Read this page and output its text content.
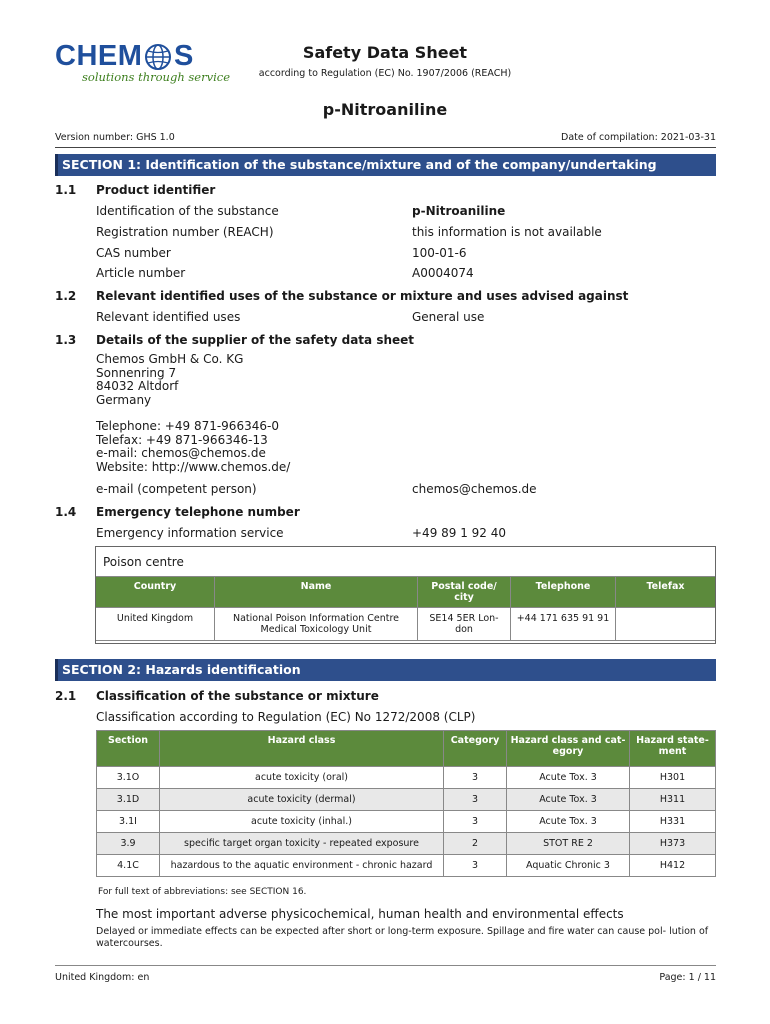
CHEM S
solutions through service
Safety Data Sheet
according to Regulation (EC) No. 1907/2006 (REACH)
p-Nitroaniline
Version number: GHS 1.0	Date of compilation: 2021-03-31
SECTION 1: Identification of the substance/mixture and of the company/undertaking
1.1 Product identifier
Identification of the substance	p-Nitroaniline
Registration number (REACH)	this information is not available
CAS number	100-01-6
Article number	A0004074
1.2 Relevant identified uses of the substance or mixture and uses advised against
Relevant identified uses	General use
1.3 Details of the supplier of the safety data sheet
Chemos GmbH & Co. KG
Sonnenring 7
84032 Altdorf
Germany
Telephone: +49 871-966346-0
Telefax: +49 871-966346-13
e-mail: chemos@chemos.de
Website: http://www.chemos.de/
e-mail (competent person)	chemos@chemos.de
1.4 Emergency telephone number
Emergency information service	+49 89 1 92 40
Poison centre
Country	Name	Postal code/ city	Telephone	Telefax
United Kingdom	National Poison Information Centre Medical Toxicology Unit	SE14 5ER Lon- don	+44 171 635 91 91	
SECTION 2: Hazards identification
2.1 Classification of the substance or mixture
Classification according to Regulation (EC) No 1272/2008 (CLP)
Section	Hazard class	Category	Hazard class and cat- egory	Hazard state- ment
3.1O	acute toxicity (oral)	3	Acute Tox. 3	H301
3.1D	acute toxicity (dermal)	3	Acute Tox. 3	H311
3.1I	acute toxicity (inhal.)	3	Acute Tox. 3	H331
3.9	specific target organ toxicity - repeated exposure	2	STOT RE 2	H373
4.1C	hazardous to the aquatic environment - chronic hazard	3	Aquatic Chronic 3	H412
For full text of abbreviations: see SECTION 16.
The most important adverse physicochemical, human health and environmental effects
Delayed or immediate effects can be expected after short or long-term exposure. Spillage and fire water can cause pol- lution of watercourses.
United Kingdom: en	Page: 1 / 11
